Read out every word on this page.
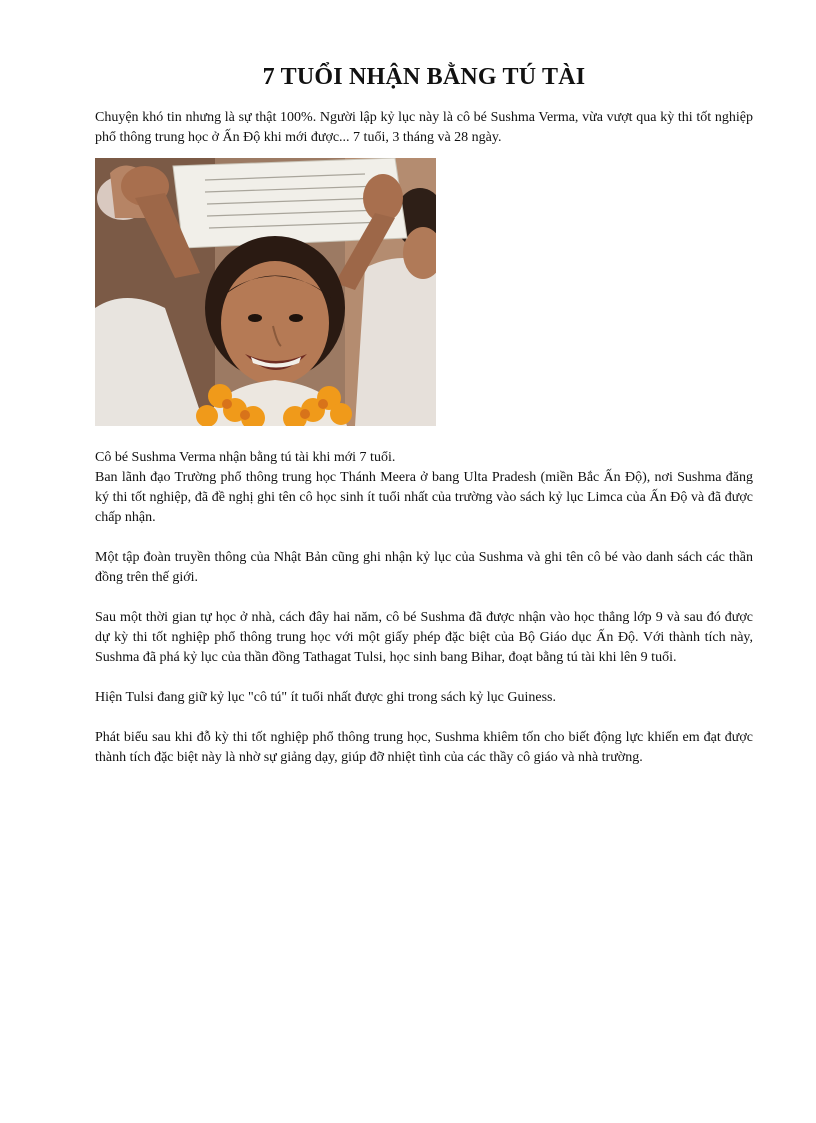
7 TUỔI NHẬN BẰNG TÚ TÀI

Chuyện khó tin nhưng là sự thật 100%. Người lập kỷ lục này là cô bé Sushma Verma, vừa vượt qua kỳ thi tốt nghiệp phổ thông trung học ở Ấn Độ khi mới được... 7 tuổi, 3 tháng và 28 ngày.

Cô bé Sushma Verma nhận bằng tú tài khi mới 7 tuổi.

Ban lãnh đạo Trường phổ thông trung học Thánh Meera ở bang Ulta Pradesh (miền Bắc Ấn Độ), nơi Sushma đăng ký thi tốt nghiệp, đã đề nghị ghi tên cô học sinh ít tuổi nhất của trường vào sách kỷ lục Limca của Ấn Độ và đã được chấp nhận.

Một tập đoàn truyền thông của Nhật Bản cũng ghi nhận kỷ lục của Sushma và ghi tên cô bé vào danh sách các thần đồng trên thế giới.

Sau một thời gian tự học ở nhà, cách đây hai năm, cô bé Sushma đã được nhận vào học thẳng lớp 9 và sau đó được dự kỳ thi tốt nghiệp phổ thông trung học với một giấy phép đặc biệt của Bộ Giáo dục Ấn Độ. Với thành tích này, Sushma đã phá kỷ lục của thần đồng Tathagat Tulsi, học sinh bang Bihar, đoạt bằng tú tài khi lên 9 tuổi.

Hiện Tulsi đang giữ kỷ lục "cô tú" ít tuổi nhất được ghi trong sách kỷ lục Guiness.

Phát biểu sau khi đỗ kỳ thi tốt nghiệp phổ thông trung học, Sushma khiêm tốn cho biết động lực khiến em đạt được thành tích đặc biệt này là nhờ sự giảng dạy, giúp đỡ nhiệt tình của các thầy cô giáo và nhà trường.
